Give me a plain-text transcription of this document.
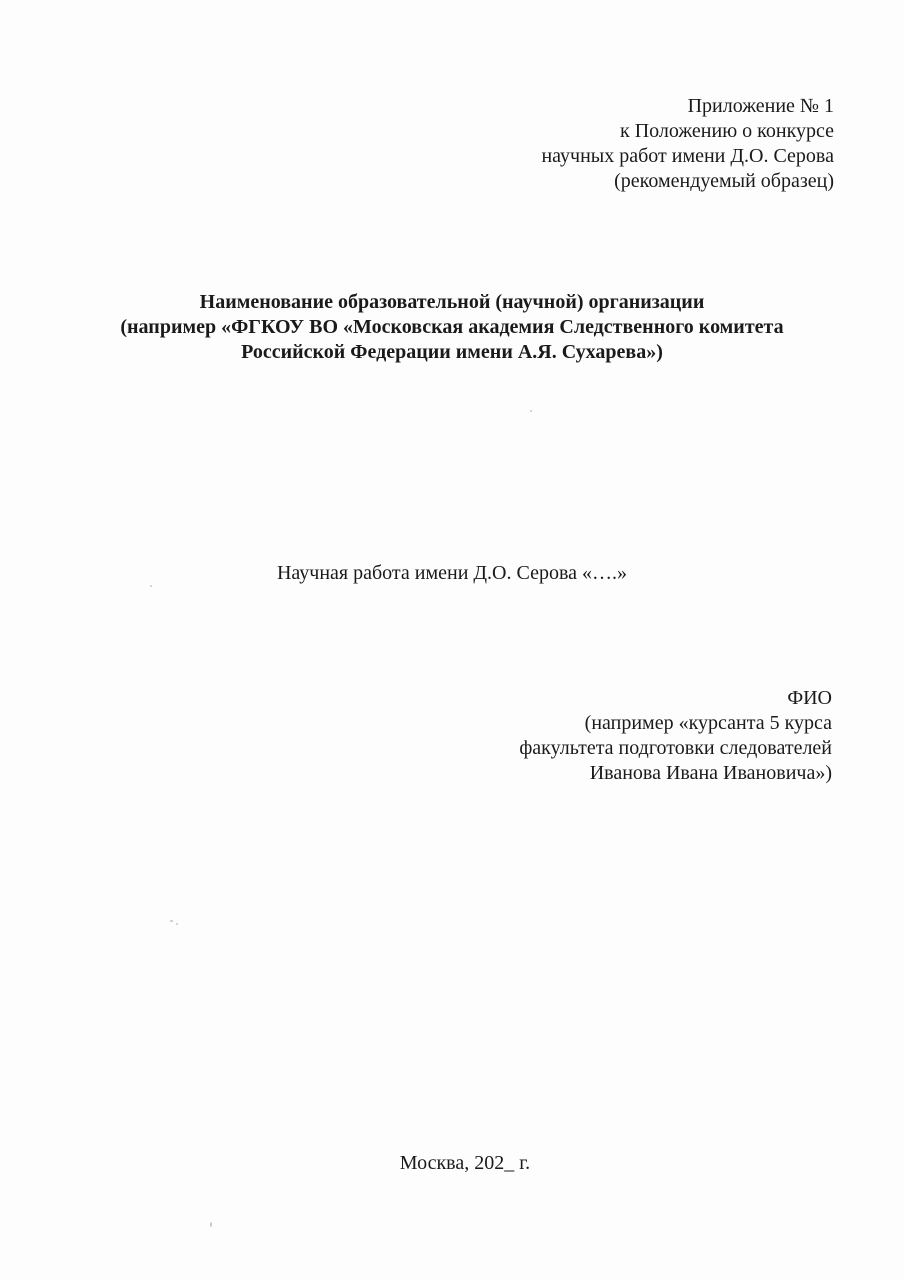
Приложение № 1
к Положению о конкурсе
научных работ имени Д.О. Серова
(рекомендуемый образец)
Наименование образовательной (научной) организации
(например «ФГКОУ ВО «Московская академия Следственного комитета
Российской Федерации имени А.Я. Сухарева»)
Научная работа имени Д.О. Серова «….»
ФИО
(например «курсанта 5 курса
факультета подготовки следователей
Иванова Ивана Ивановича»)
Москва, 202_ г.
